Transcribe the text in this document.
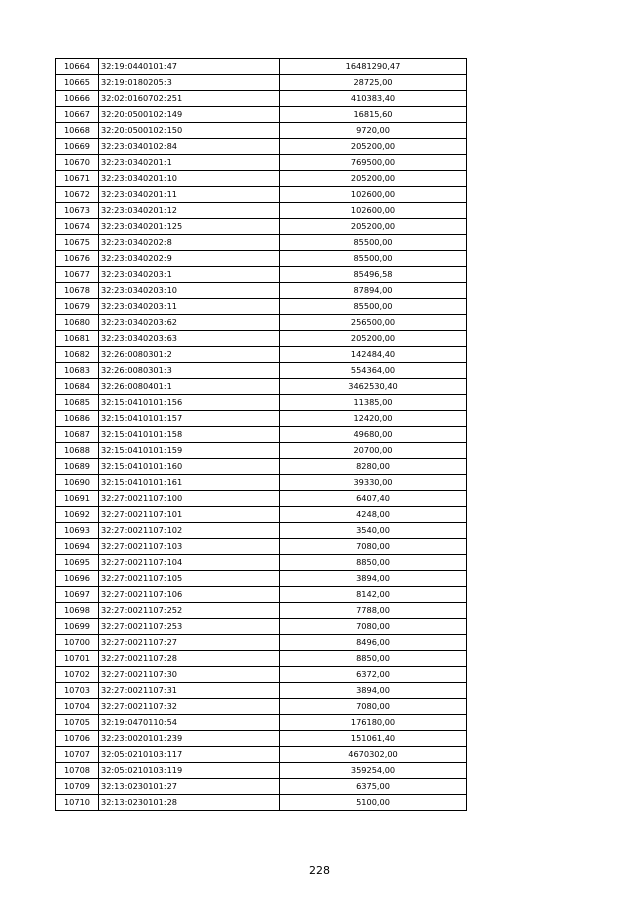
10664	32:19:0440101:47	16481290,47
10665	32:19:0180205:3	28725,00
10666	32:02:0160702:251	410383,40
10667	32:20:0500102:149	16815,60
10668	32:20:0500102:150	9720,00
10669	32:23:0340102:84	205200,00
10670	32:23:0340201:1	769500,00
10671	32:23:0340201:10	205200,00
10672	32:23:0340201:11	102600,00
10673	32:23:0340201:12	102600,00
10674	32:23:0340201:125	205200,00
10675	32:23:0340202:8	85500,00
10676	32:23:0340202:9	85500,00
10677	32:23:0340203:1	85496,58
10678	32:23:0340203:10	87894,00
10679	32:23:0340203:11	85500,00
10680	32:23:0340203:62	256500,00
10681	32:23:0340203:63	205200,00
10682	32:26:0080301:2	142484,40
10683	32:26:0080301:3	554364,00
10684	32:26:0080401:1	3462530,40
10685	32:15:0410101:156	11385,00
10686	32:15:0410101:157	12420,00
10687	32:15:0410101:158	49680,00
10688	32:15:0410101:159	20700,00
10689	32:15:0410101:160	8280,00
10690	32:15:0410101:161	39330,00
10691	32:27:0021107:100	6407,40
10692	32:27:0021107:101	4248,00
10693	32:27:0021107:102	3540,00
10694	32:27:0021107:103	7080,00
10695	32:27:0021107:104	8850,00
10696	32:27:0021107:105	3894,00
10697	32:27:0021107:106	8142,00
10698	32:27:0021107:252	7788,00
10699	32:27:0021107:253	7080,00
10700	32:27:0021107:27	8496,00
10701	32:27:0021107:28	8850,00
10702	32:27:0021107:30	6372,00
10703	32:27:0021107:31	3894,00
10704	32:27:0021107:32	7080,00
10705	32:19:0470110:54	176180,00
10706	32:23:0020101:239	151061,40
10707	32:05:0210103:117	4670302,00
10708	32:05:0210103:119	359254,00
10709	32:13:0230101:27	6375,00
10710	32:13:0230101:28	5100,00
228
